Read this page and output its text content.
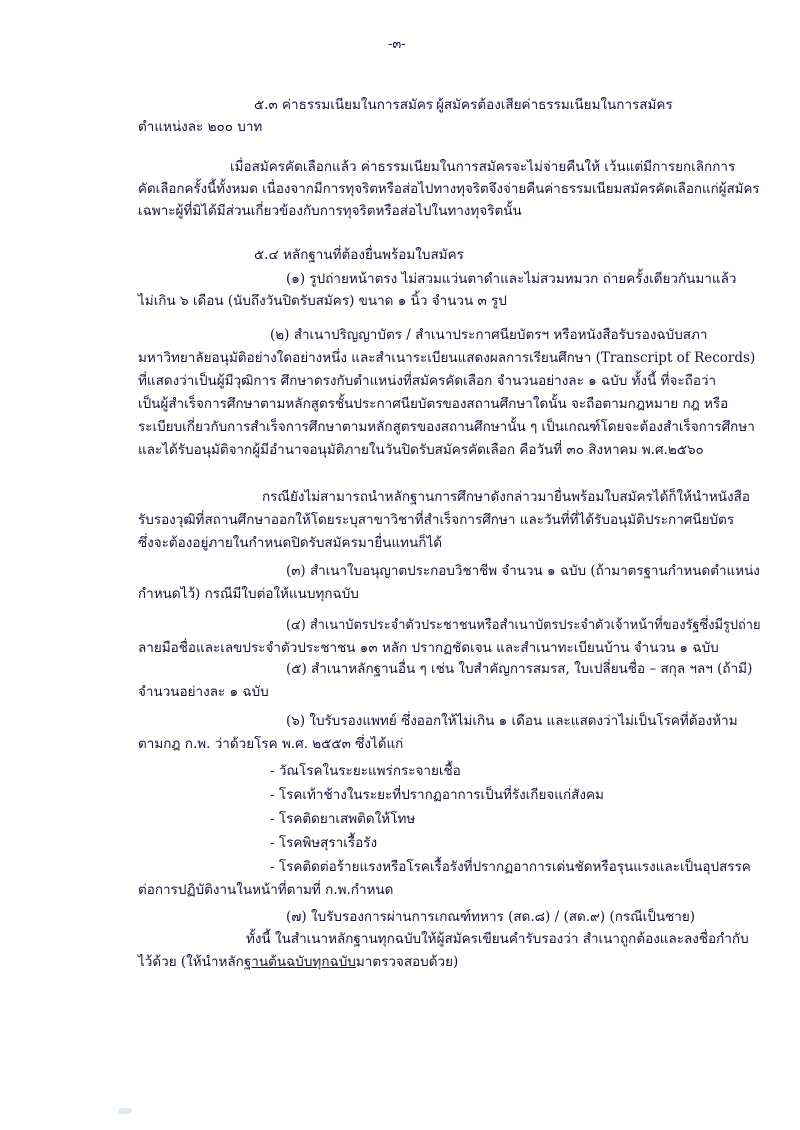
-๓-
๕.๓ ค่าธรรมเนียมในการสมัคร ผู้สมัครต้องเสียค่าธรรมเนียมในการสมัคร
ตำแหน่งละ ๒๐๐ บาท
เมื่อสมัครคัดเลือกแล้ว ค่าธรรมเนียมในการสมัครจะไม่จ่ายคืนให้ เว้นแต่มีการยกเลิกการ
คัดเลือกครั้งนี้ทั้งหมด เนื่องจากมีการทุจริตหรือส่อไปทางทุจริตจึงจ่ายคืนค่าธรรมเนียมสมัครคัดเลือกแก่ผู้สมัคร
เฉพาะผู้ที่มิได้มีส่วนเกี่ยวข้องกับการทุจริตหรือส่อไปในทางทุจริตนั้น
๕.๔ หลักฐานที่ต้องยื่นพร้อมใบสมัคร
(๑) รูปถ่ายหน้าตรง ไม่สวมแว่นตาดำและไม่สวมหมวก ถ่ายครั้งเดียวกันมาแล้ว
ไม่เกิน ๖ เดือน (นับถึงวันปิดรับสมัคร) ขนาด ๑ นิ้ว จำนวน ๓ รูป
(๒) สำเนาปริญญาบัตร / สำเนาประกาศนียบัตรฯ หรือหนังสือรับรองฉบับสภา
มหาวิทยาลัยอนุมัติอย่างใดอย่างหนึ่ง และสำเนาระเบียนแสดงผลการเรียนศึกษา (Transcript of Records)
ที่แสดงว่าเป็นผู้มีวุฒิการ ศึกษาตรงกับตำแหน่งที่สมัครคัดเลือก จำนวนอย่างละ ๑ ฉบับ ทั้งนี้ ที่จะถือว่า
เป็นผู้สำเร็จการศึกษาตามหลักสูตรชั้นประกาศนียบัตรของสถานศึกษาใดนั้น จะถือตามกฎหมาย กฎ หรือ
ระเบียบเกี่ยวกับการสำเร็จการศึกษาตามหลักสูตรของสถานศึกษานั้น ๆ เป็นเกณฑ์โดยจะต้องสำเร็จการศึกษา
และได้รับอนุมัติจากผู้มีอำนาจอนุมัติภายในวันปิดรับสมัครคัดเลือก คือวันที่ ๓๐ สิงหาคม พ.ศ.๒๕๖๐
กรณียังไม่สามารถนำหลักฐานการศึกษาดังกล่าวมายื่นพร้อมใบสมัครได้ก็ให้นำหนังสือ
รับรองวุฒิที่สถานศึกษาออกให้โดยระบุสาขาวิชาที่สำเร็จการศึกษา และวันที่ที่ได้รับอนุมัติประกาศนียบัตร
ซึ่งจะต้องอยู่ภายในกำหนดปิดรับสมัครมายื่นแทนก็ได้
(๓) สำเนาใบอนุญาตประกอบวิชาชีพ จำนวน ๑ ฉบับ (ถ้ามาตรฐานกำหนดตำแหน่ง
กำหนดไว้) กรณีมีใบต่อให้แนบทุกฉบับ
(๔) สำเนาบัตรประจำตัวประชาชนหรือสำเนาบัตรประจำตัวเจ้าหน้าที่ของรัฐซึ่งมีรูปถ่าย
ลายมือชื่อและเลขประจำตัวประชาชน ๑๓ หลัก ปรากฏชัดเจน และสำเนาทะเบียนบ้าน จำนวน ๑ ฉบับ
(๕) สำเนาหลักฐานอื่น ๆ เช่น ใบสำคัญการสมรส, ใบเปลี่ยนชื่อ – สกุล ฯลฯ (ถ้ามี)
จำนวนอย่างละ ๑ ฉบับ
(๖) ใบรับรองแพทย์ ซึ่งออกให้ไม่เกิน ๑ เดือน และแสดงว่าไม่เป็นโรคที่ต้องห้าม
ตามกฎ ก.พ. ว่าด้วยโรค พ.ศ. ๒๕๕๓ ซึ่งได้แก่
- วัณโรคในระยะแพร่กระจายเชื้อ
- โรคเท้าช้างในระยะที่ปรากฏอาการเป็นที่รังเกียจแก่สังคม
- โรคติดยาเสพติดให้โทษ
- โรคพิษสุราเรื้อรัง
- โรคติดต่อร้ายแรงหรือโรคเรื้อรังที่ปรากฏอาการเด่นชัดหรือรุนแรงและเป็นอุปสรรค
ต่อการปฏิบัติงานในหน้าที่ตามที่ ก.พ.กำหนด
(๗) ใบรับรองการผ่านการเกณฑ์ทหาร (สด.๘) / (สด.๙) (กรณีเป็นชาย)
ทั้งนี้ ในสำเนาหลักฐานทุกฉบับให้ผู้สมัครเขียนคำรับรองว่า สำเนาถูกต้องและลงชื่อกำกับ
ไว้ด้วย (ให้นำหลักฐานต้นฉบับทุกฉบับมาตรวจสอบด้วย)
